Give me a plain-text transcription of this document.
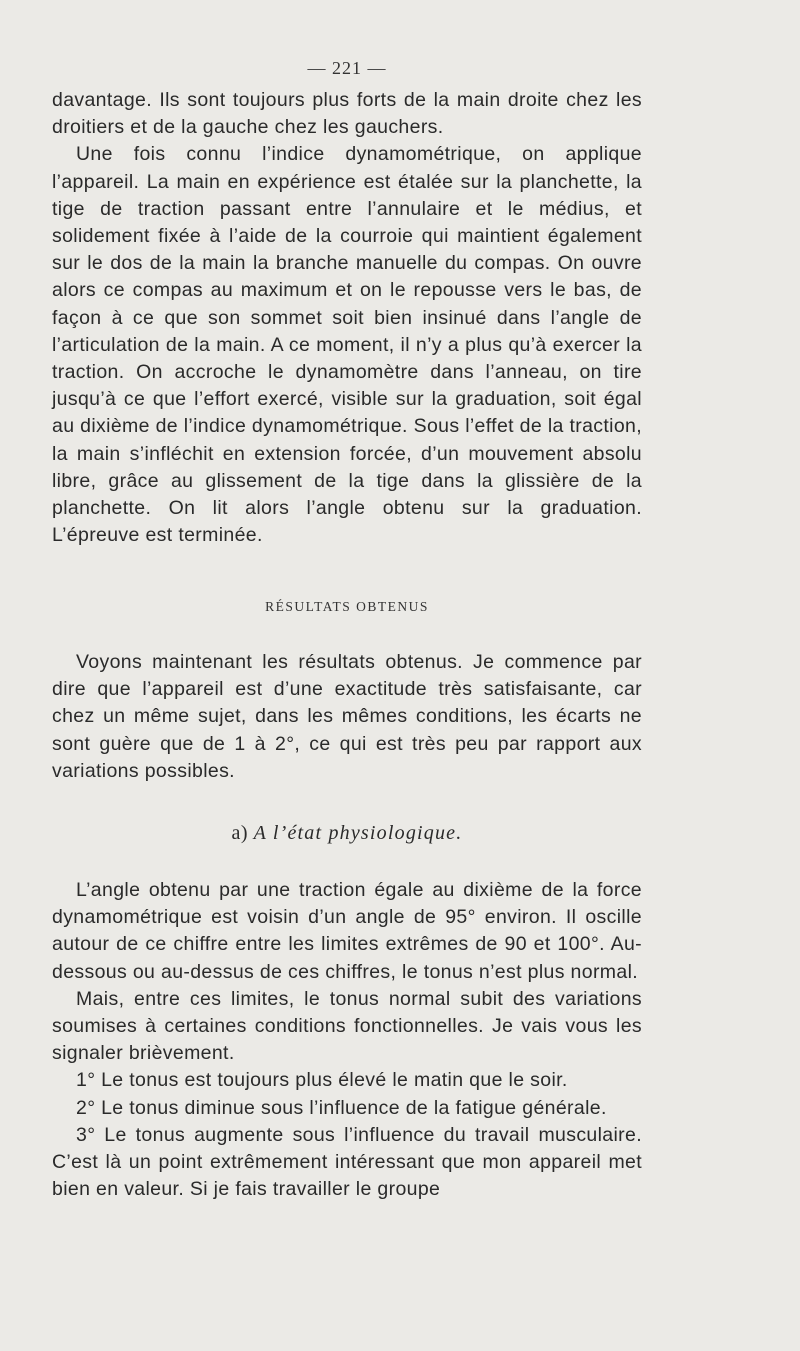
— 221 —

davantage. Ils sont toujours plus forts de la main droite chez les droitiers et de la gauche chez les gauchers.

Une fois connu l’indice dynamométrique, on applique l’appareil. La main en expérience est étalée sur la planchette, la tige de traction passant entre l’annulaire et le médius, et solidement fixée à l’aide de la courroie qui maintient également sur le dos de la main la branche manuelle du compas. On ouvre alors ce compas au maximum et on le repousse vers le bas, de façon à ce que son sommet soit bien insinué dans l’angle de l’articulation de la main. A ce moment, il n’y a plus qu’à exercer la traction. On accroche le dynamomètre dans l’anneau, on tire jusqu’à ce que l’effort exercé, visible sur la graduation, soit égal au dixième de l’indice dynamométrique. Sous l’effet de la traction, la main s’infléchit en extension forcée, d’un mouvement absolu libre, grâce au glissement de la tige dans la glissière de la planchette. On lit alors l’angle obtenu sur la graduation. L’épreuve est terminée.

RÉSULTATS OBTENUS

Voyons maintenant les résultats obtenus. Je commence par dire que l’appareil est d’une exactitude très satisfaisante, car chez un même sujet, dans les mêmes conditions, les écarts ne sont guère que de 1 à 2°, ce qui est très peu par rapport aux variations possibles.

a) A l’état physiologique.

L’angle obtenu par une traction égale au dixième de la force dynamométrique est voisin d’un angle de 95° environ. Il oscille autour de ce chiffre entre les limites extrêmes de 90 et 100°. Au-dessous ou au-dessus de ces chiffres, le tonus n’est plus normal.

Mais, entre ces limites, le tonus normal subit des variations soumises à certaines conditions fonctionnelles. Je vais vous les signaler brièvement.

1° Le tonus est toujours plus élevé le matin que le soir.

2° Le tonus diminue sous l’influence de la fatigue générale.

3° Le tonus augmente sous l’influence du travail musculaire. C’est là un point extrêmement intéressant que mon appareil met bien en valeur. Si je fais travailler le groupe
